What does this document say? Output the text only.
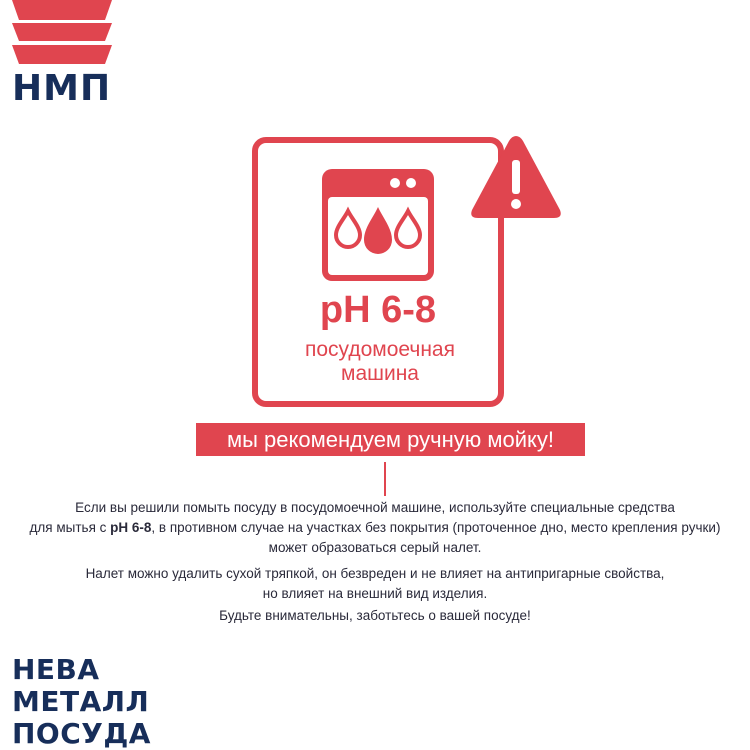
НМП
pH 6-8
посудомоечная
машина
мы рекомендуем ручную мойку!
Если вы решили помыть посуду в посудомоечной машине, используйте специальные средства
для мытья с pH 6-8, в противном случае на участках без покрытия (проточенное дно, место крепления ручки)
может образоваться серый налет.
Налет можно удалить сухой тряпкой, он безвреден и не влияет на антипригарные свойства,
но влияет на внешний вид изделия.
Будьте внимательны, заботьтесь о вашей посуде!
НЕВА
МЕТАЛЛ
ПОСУДА
